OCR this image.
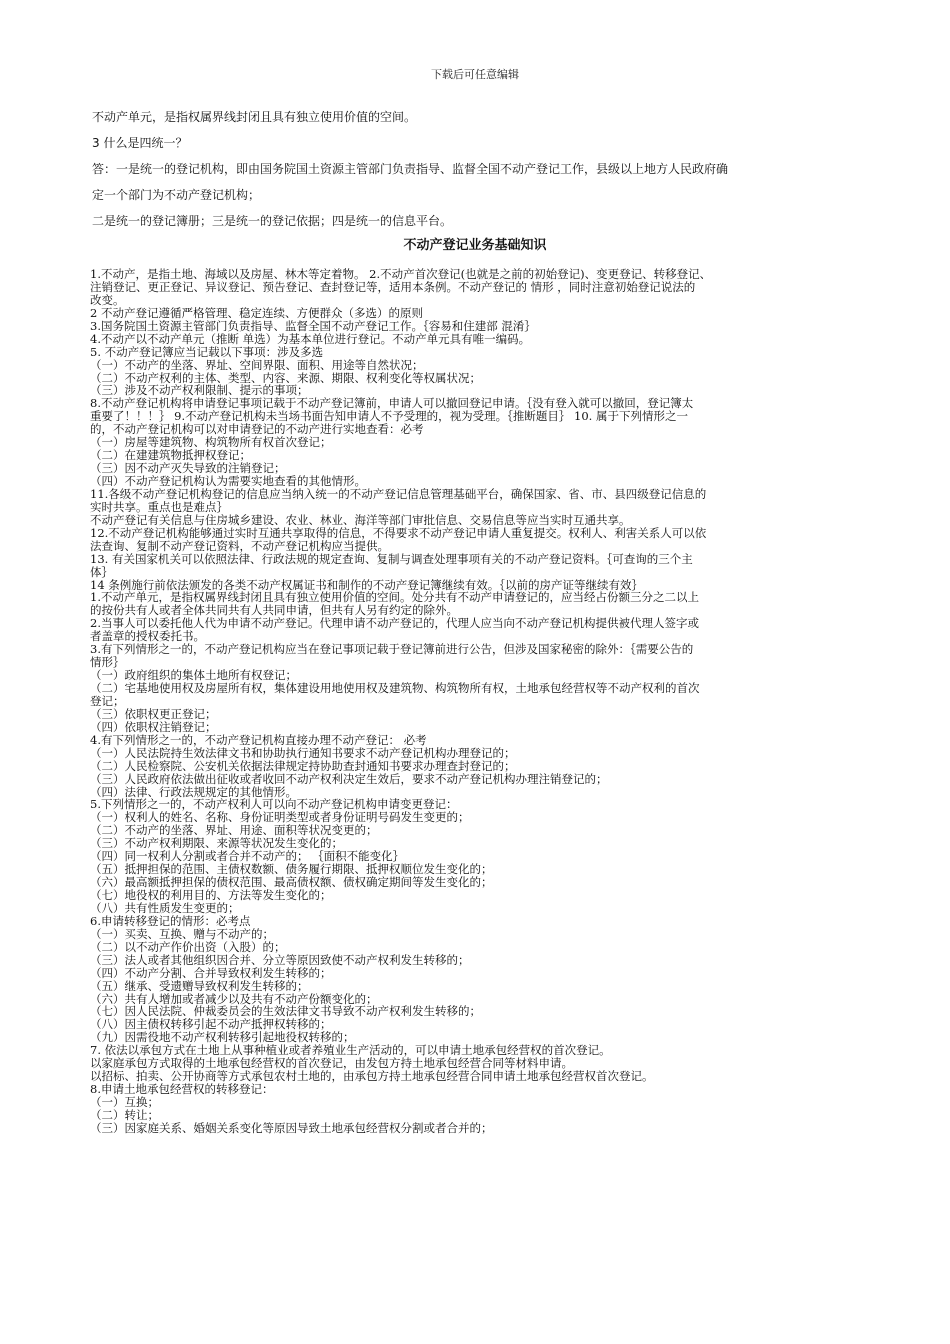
下载后可任意编辑

不动产单元，是指权属界线封闭且具有独立使用价值的空间。

3 什么是四统一？

答：一是统一的登记机构，即由国务院国土资源主管部门负责指导、监督全国不动产登记工作，县级以上地方人民政府确

定一个部门为不动产登记机构；

二是统一的登记簿册；三是统一的登记依据；四是统一的信息平台。

不动产登记业务基础知识
1.不动产，是指土地、海域以及房屋、林木等定着物。 2.不动产首次登记(也就是之前的初始登记)、变更登记、转移登记、
注销登记、更正登记、异议登记、预告登记、查封登记等，适用本条例。不动产登记的 情形 ，同时注意初始登记说法的
改变。
2 不动产登记遵循严格管理、稳定连续、方便群众（多选）的原则
3.国务院国土资源主管部门负责指导、监督全国不动产登记工作。｛容易和住建部 混淆｝
4.不动产以不动产单元（推断 单选）为基本单位进行登记。不动产单元具有唯一编码。
5. 不动产登记簿应当记载以下事项：涉及多选
（一）不动产的坐落、界址、空间界限、面积、用途等自然状况；
（二）不动产权利的主体、类型、内容、来源、期限、权利变化等权属状况；
（三）涉及不动产权利限制、提示的事项；
8.不动产登记机构将申请登记事项记载于不动产登记簿前，申请人可以撤回登记申请。｛没有登入就可以撤回，登记簿太
重要了！！！｝ 9.不动产登记机构未当场书面告知申请人不予受理的，视为受理。｛推断题目｝ 10. 属于下列情形之一
的，不动产登记机构可以对申请登记的不动产进行实地查看：必考
（一）房屋等建筑物、构筑物所有权首次登记；
（二）在建建筑物抵押权登记；
（三）因不动产灭失导致的注销登记；
（四）不动产登记机构认为需要实地查看的其他情形。
11.各级不动产登记机构登记的信息应当纳入统一的不动产登记信息管理基础平台，确保国家、省、市、县四级登记信息的
实时共享。重点也是难点｝
不动产登记有关信息与住房城乡建设、农业、林业、海洋等部门审批信息、交易信息等应当实时互通共享。
12.不动产登记机构能够通过实时互通共享取得的信息，不得要求不动产登记申请人重复提交。权利人、利害关系人可以依
法查询、复制不动产登记资料，不动产登记机构应当提供。
13. 有关国家机关可以依照法律、行政法规的规定查询、复制与调查处理事项有关的不动产登记资料。｛可查询的三个主
体｝
14 条例施行前依法颁发的各类不动产权属证书和制作的不动产登记簿继续有效。｛以前的房产证等继续有效｝
1.不动产单元，是指权属界线封闭且具有独立使用价值的空间。处分共有不动产申请登记的，应当经占份额三分之二以上
的按份共有人或者全体共同共有人共同申请，但共有人另有约定的除外。
2.当事人可以委托他人代为申请不动产登记。代理申请不动产登记的，代理人应当向不动产登记机构提供被代理人签字或
者盖章的授权委托书。
3.有下列情形之一的，不动产登记机构应当在登记事项记载于登记簿前进行公告，但涉及国家秘密的除外：｛需要公告的
情形｝
（一）政府组织的集体土地所有权登记；
（二）宅基地使用权及房屋所有权，集体建设用地使用权及建筑物、构筑物所有权，土地承包经营权等不动产权利的首次
登记；
（三）依职权更正登记；
（四）依职权注销登记；
4.有下列情形之一的，不动产登记机构直接办理不动产登记： 必考
（一）人民法院持生效法律文书和协助执行通知书要求不动产登记机构办理登记的；
（二）人民检察院、公安机关依据法律规定持协助查封通知书要求办理查封登记的；
（三）人民政府依法做出征收或者收回不动产权利决定生效后，要求不动产登记机构办理注销登记的；
（四）法律、行政法规规定的其他情形。
5.下列情形之一的，不动产权利人可以向不动产登记机构申请变更登记：
（一）权利人的姓名、名称、身份证明类型或者身份证明号码发生变更的；
（二）不动产的坐落、界址、用途、面积等状况变更的；
（三）不动产权利期限、来源等状况发生变化的；
（四）同一权利人分割或者合并不动产的； ｛面积不能变化｝
（五）抵押担保的范围、主债权数额、债务履行期限、抵押权顺位发生变化的；
（六）最高额抵押担保的债权范围、最高债权额、债权确定期间等发生变化的；
（七）地役权的利用目的、方法等发生变化的；
（八）共有性质发生变更的；
6.申请转移登记的情形：必考点
（一）买卖、互换、赠与不动产的；
（二）以不动产作价出资（入股）的；
（三）法人或者其他组织因合并、分立等原因致使不动产权利发生转移的；
（四）不动产分割、合并导致权利发生转移的；
（五）继承、受遗赠导致权利发生转移的；
（六）共有人增加或者减少以及共有不动产份额变化的；
（七）因人民法院、仲裁委员会的生效法律文书导致不动产权利发生转移的；
（八）因主债权转移引起不动产抵押权转移的；
（九）因需役地不动产权利转移引起地役权转移的；
7. 依法以承包方式在土地上从事种植业或者养殖业生产活动的，可以申请土地承包经营权的首次登记。
以家庭承包方式取得的土地承包经营权的首次登记，由发包方持土地承包经营合同等材料申请。
以招标、拍卖、公开协商等方式承包农村土地的，由承包方持土地承包经营合同申请土地承包经营权首次登记。
8.申请土地承包经营权的转移登记：
（一）互换；
（二）转让；
（三）因家庭关系、婚姻关系变化等原因导致土地承包经营权分割或者合并的；
